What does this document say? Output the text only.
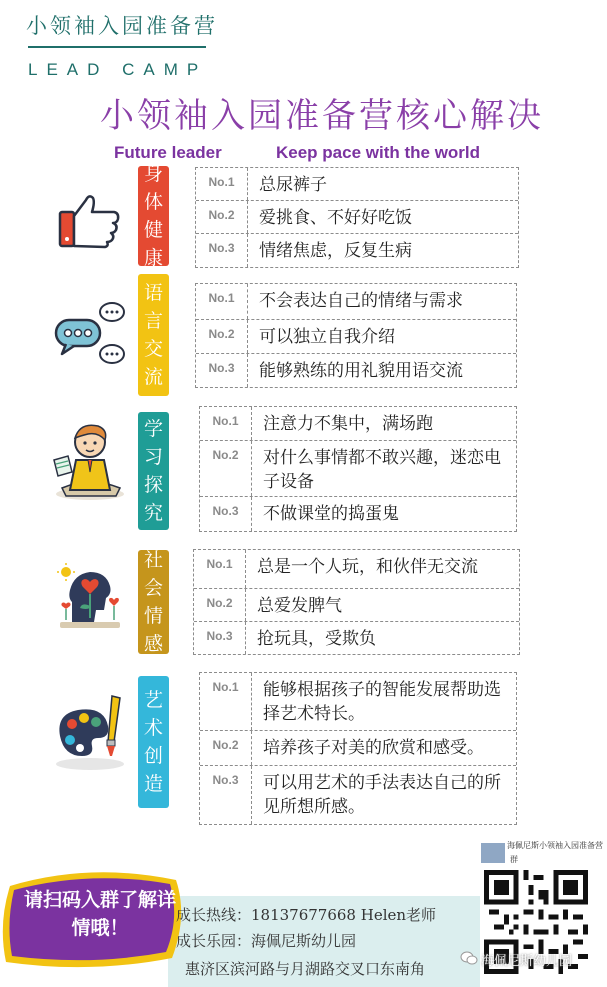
小领袖入园准备营
LEAD CAMP
小领袖入园准备营核心解决
Future leader	Keep pace with the world
身
体
健
康
No.1	总尿裤子
No.2	爱挑食、不好好吃饭
No.3	情绪焦虑，反复生病
语
言
交
流
No.1	不会表达自己的情绪与需求
No.2	可以独立自我介绍
No.3	能够熟练的用礼貌用语交流
学
习
探
究
No.1	注意力不集中，满场跑
No.2	对什么事情都不敢兴趣，迷恋电子设备
No.3	不做课堂的捣蛋鬼
社
会
情
感
No.1	总是一个人玩，和伙伴无交流
No.2	总爱发脾气
No.3	抢玩具，受欺负
艺
术
创
造
No.1	能够根据孩子的智能发展帮助选择艺术特长。
No.2	培养孩子对美的欣赏和感受。
No.3	可以用艺术的手法表达自己的所见所想所感。
请扫码入群了解详情哦！
成长热线：18137677668 Helen老师
成长乐园：海佩尼斯幼儿园
惠济区滨河路与月湖路交叉口东南角
海佩尼斯小领袖入园准备营
群
海佩尼斯幼儿园
